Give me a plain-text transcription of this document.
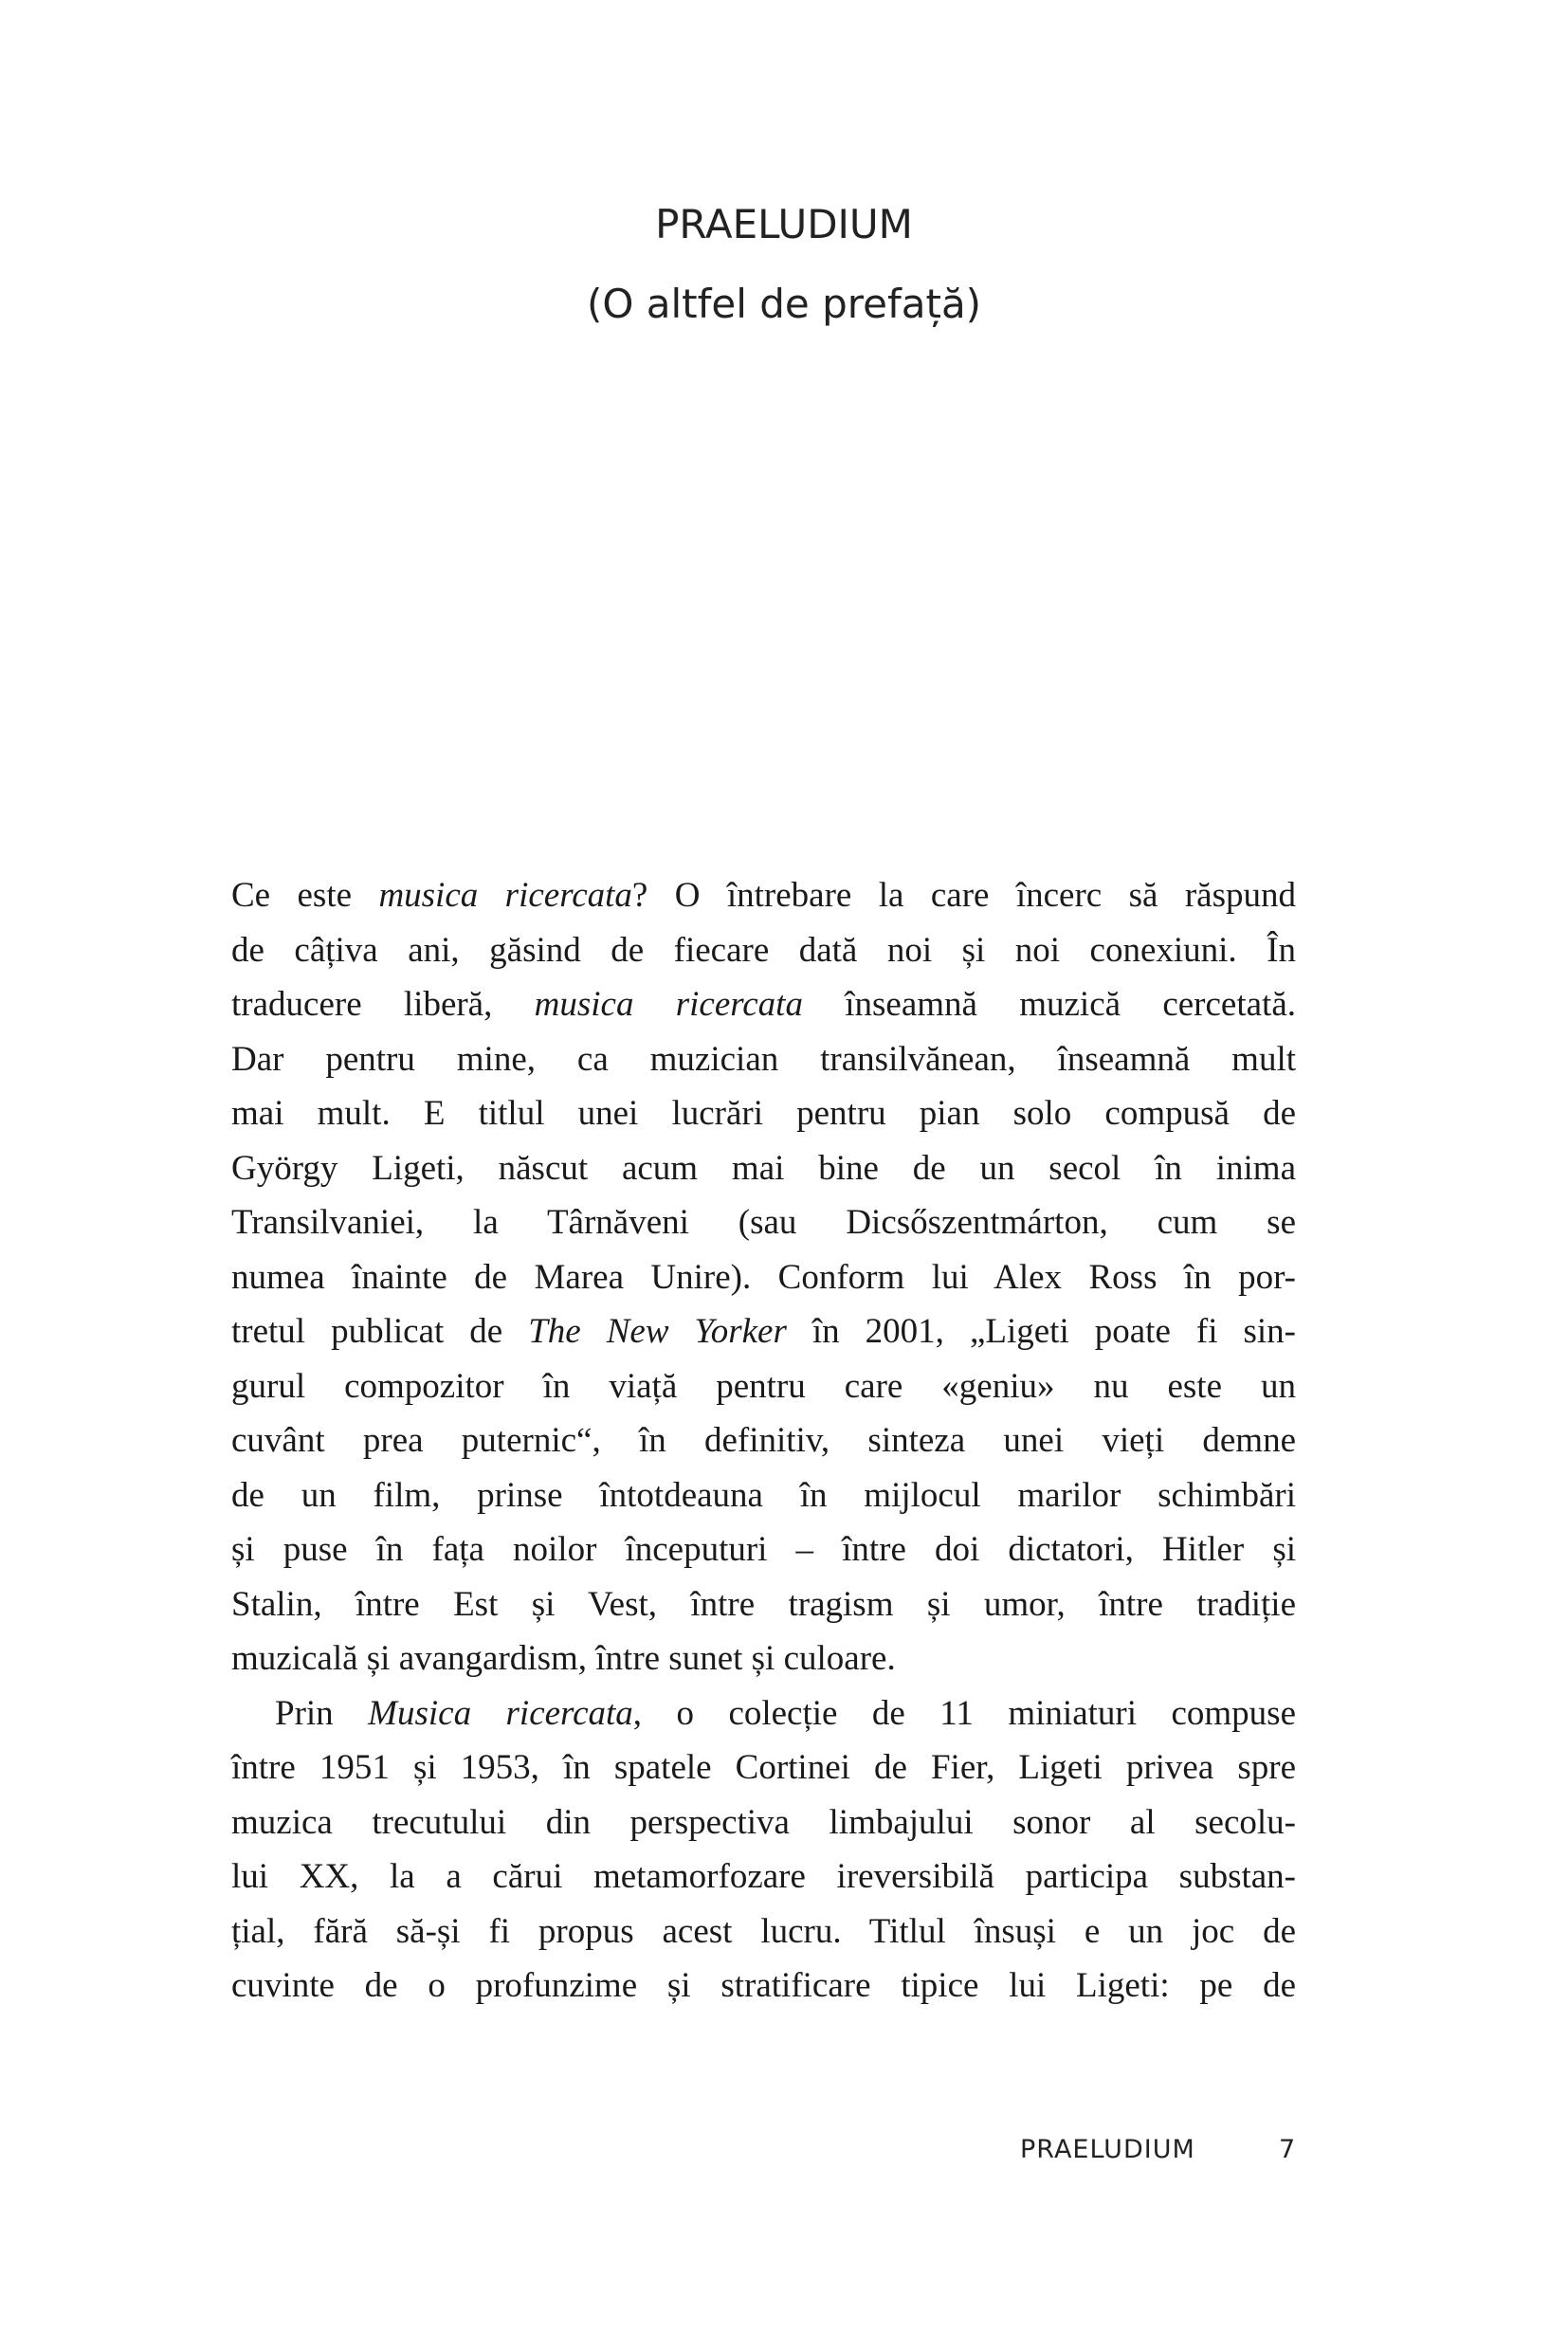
PRAELUDIUM
(O altfel de prefață)
Ce este musica ricercata? O întrebare la care încerc să răspund
de câțiva ani, găsind de fiecare dată noi și noi conexiuni. În
traducere liberă, musica ricercata înseamnă muzică cercetată.
Dar pentru mine, ca muzician transilvănean, înseamnă mult
mai mult. E titlul unei lucrări pentru pian solo compusă de
György Ligeti, născut acum mai bine de un secol în inima
Transilvaniei, la Târnăveni (sau Dicsőszentmárton, cum se
numea înainte de Marea Unire). Conform lui Alex Ross în por-
tretul publicat de The New Yorker în 2001, „Ligeti poate fi sin-
gurul compozitor în viață pentru care «geniu» nu este un
cuvânt prea puternic“, în definitiv, sinteza unei vieți demne
de un film, prinse întotdeauna în mijlocul marilor schimbări
și puse în fața noilor începuturi – între doi dictatori, Hitler și
Stalin, între Est și Vest, între tragism și umor, între tradiție
muzicală și avangardism, între sunet și culoare.
Prin Musica ricercata, o colecție de 11 miniaturi compuse
între 1951 și 1953, în spatele Cortinei de Fier, Ligeti privea spre
muzica trecutului din perspectiva limbajului sonor al secolu-
lui XX, la a cărui metamorfozare ireversibilă participa substan-
țial, fără să-și fi propus acest lucru. Titlul însuși e un joc de
cuvinte de o profunzime și stratificare tipice lui Ligeti: pe de
PRAELUDIUM	7
